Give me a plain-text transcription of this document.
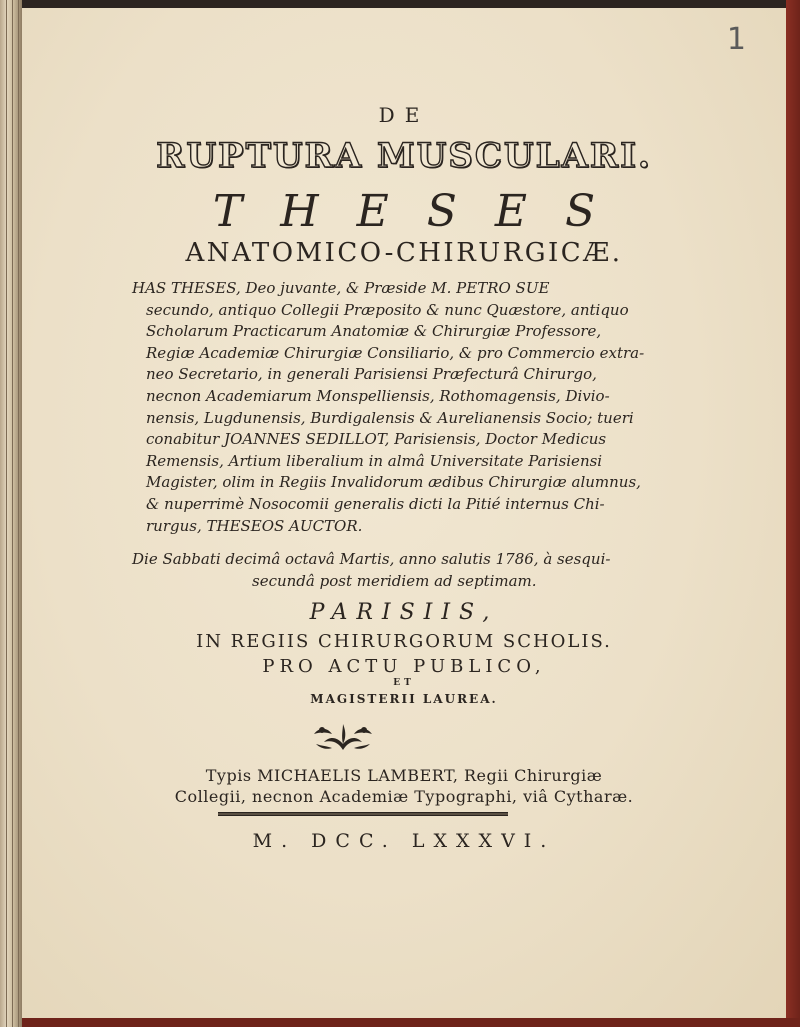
1
DE
RUPTURA MUSCULARI.
THESES
ANATOMICO-CHIRURGICÆ.
HAS THESES, Deo juvante, & Præside M. PETRO SUE
secundo, antiquo Collegii Præposito & nunc Quæstore, antiquo
Scholarum Practicarum Anatomiæ & Chirurgiæ Professore,
Regiæ Academiæ Chirurgiæ Consiliario, & pro Commercio extra-
neo Secretario, in generali Parisiensi Præfecturâ Chirurgo,
necnon Academiarum Monspelliensis, Rothomagensis, Divio-
nensis, Lugdunensis, Burdigalensis & Aurelianensis Socio; tueri
conabitur JOANNES SEDILLOT, Parisiensis, Doctor Medicus
Remensis, Artium liberalium in almâ Universitate Parisiensi
Magister, olim in Regiis Invalidorum ædibus Chirurgiæ alumnus,
& nuperrimè Nosocomii generalis dicti la Pitié internus Chi-
rurgus, THESEOS AUCTOR.
Die Sabbati decimâ octavâ Martis, anno salutis 1786, à sesqui-
secundâ post meridiem ad septimam.
PARISIIS,
IN REGIIS CHIRURGORUM SCHOLIS.
PRO ACTU PUBLICO,
ET
MAGISTERII LAUREA.
Typis MICHAELIS LAMBERT, Regii Chirurgiæ
Collegii, necnon Academiæ Typographi, viâ Cytharæ.
M. DCC. LXXXVI.
